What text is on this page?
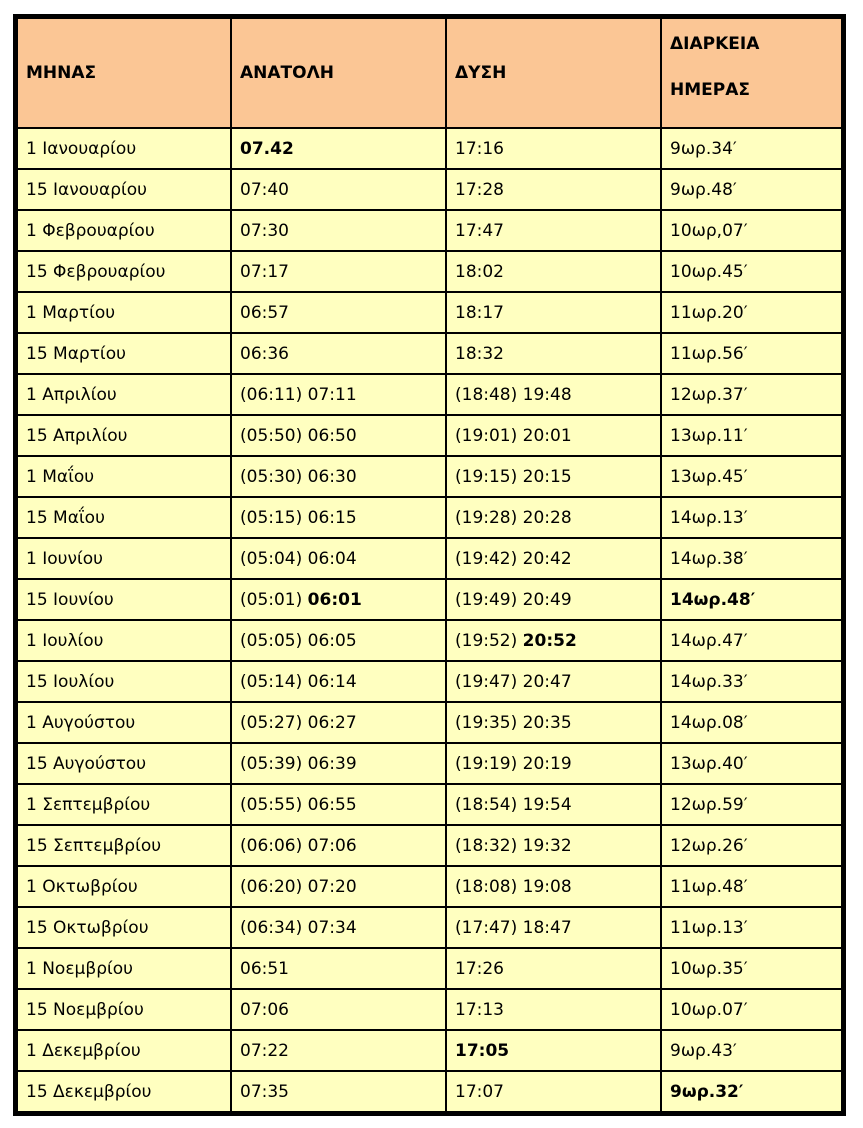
ΜΗΝΑΣ	ΑΝΑΤΟΛΗ	ΔΥΣΗ	ΔΙΑΡΚΕΙΑ
ΗΜΕΡΑΣ

1 Ιανουαρίου	07.42	17:16	9ωρ.34′
15 Ιανουαρίου	07:40	17:28	9ωρ.48′
1 Φεβρουαρίου	07:30	17:47	10ωρ,07′
15 Φεβρουαρίου	07:17	18:02	10ωρ.45′
1 Μαρτίου	06:57	18:17	11ωρ.20′
15 Μαρτίου	06:36	18:32	11ωρ.56′
1 Απριλίου	(06:11) 07:11	(18:48) 19:48	12ωρ.37′
15 Απριλίου	(05:50) 06:50	(19:01) 20:01	13ωρ.11′
1 Μαΐου	(05:30) 06:30	(19:15) 20:15	13ωρ.45′
15 Μαΐου	(05:15) 06:15	(19:28) 20:28	14ωρ.13′
1 Ιουνίου	(05:04) 06:04	(19:42) 20:42	14ωρ.38′
15 Ιουνίου	(05:01) 06:01	(19:49) 20:49	14ωρ.48′
1 Ιουλίου	(05:05) 06:05	(19:52) 20:52	14ωρ.47′
15 Ιουλίου	(05:14) 06:14	(19:47) 20:47	14ωρ.33′
1 Αυγούστου	(05:27) 06:27	(19:35) 20:35	14ωρ.08′
15 Αυγούστου	(05:39) 06:39	(19:19) 20:19	13ωρ.40′
1 Σεπτεμβρίου	(05:55) 06:55	(18:54) 19:54	12ωρ.59′
15 Σεπτεμβρίου	(06:06) 07:06	(18:32) 19:32	12ωρ.26′
1 Οκτωβρίου	(06:20) 07:20	(18:08) 19:08	11ωρ.48′
15 Οκτωβρίου	(06:34) 07:34	(17:47) 18:47	11ωρ.13′
1 Νοεμβρίου	06:51	17:26	10ωρ.35′
15 Νοεμβρίου	07:06	17:13	10ωρ.07′
1 Δεκεμβρίου	07:22	17:05	9ωρ.43′
15 Δεκεμβρίου	07:35	17:07	9ωρ.32′
